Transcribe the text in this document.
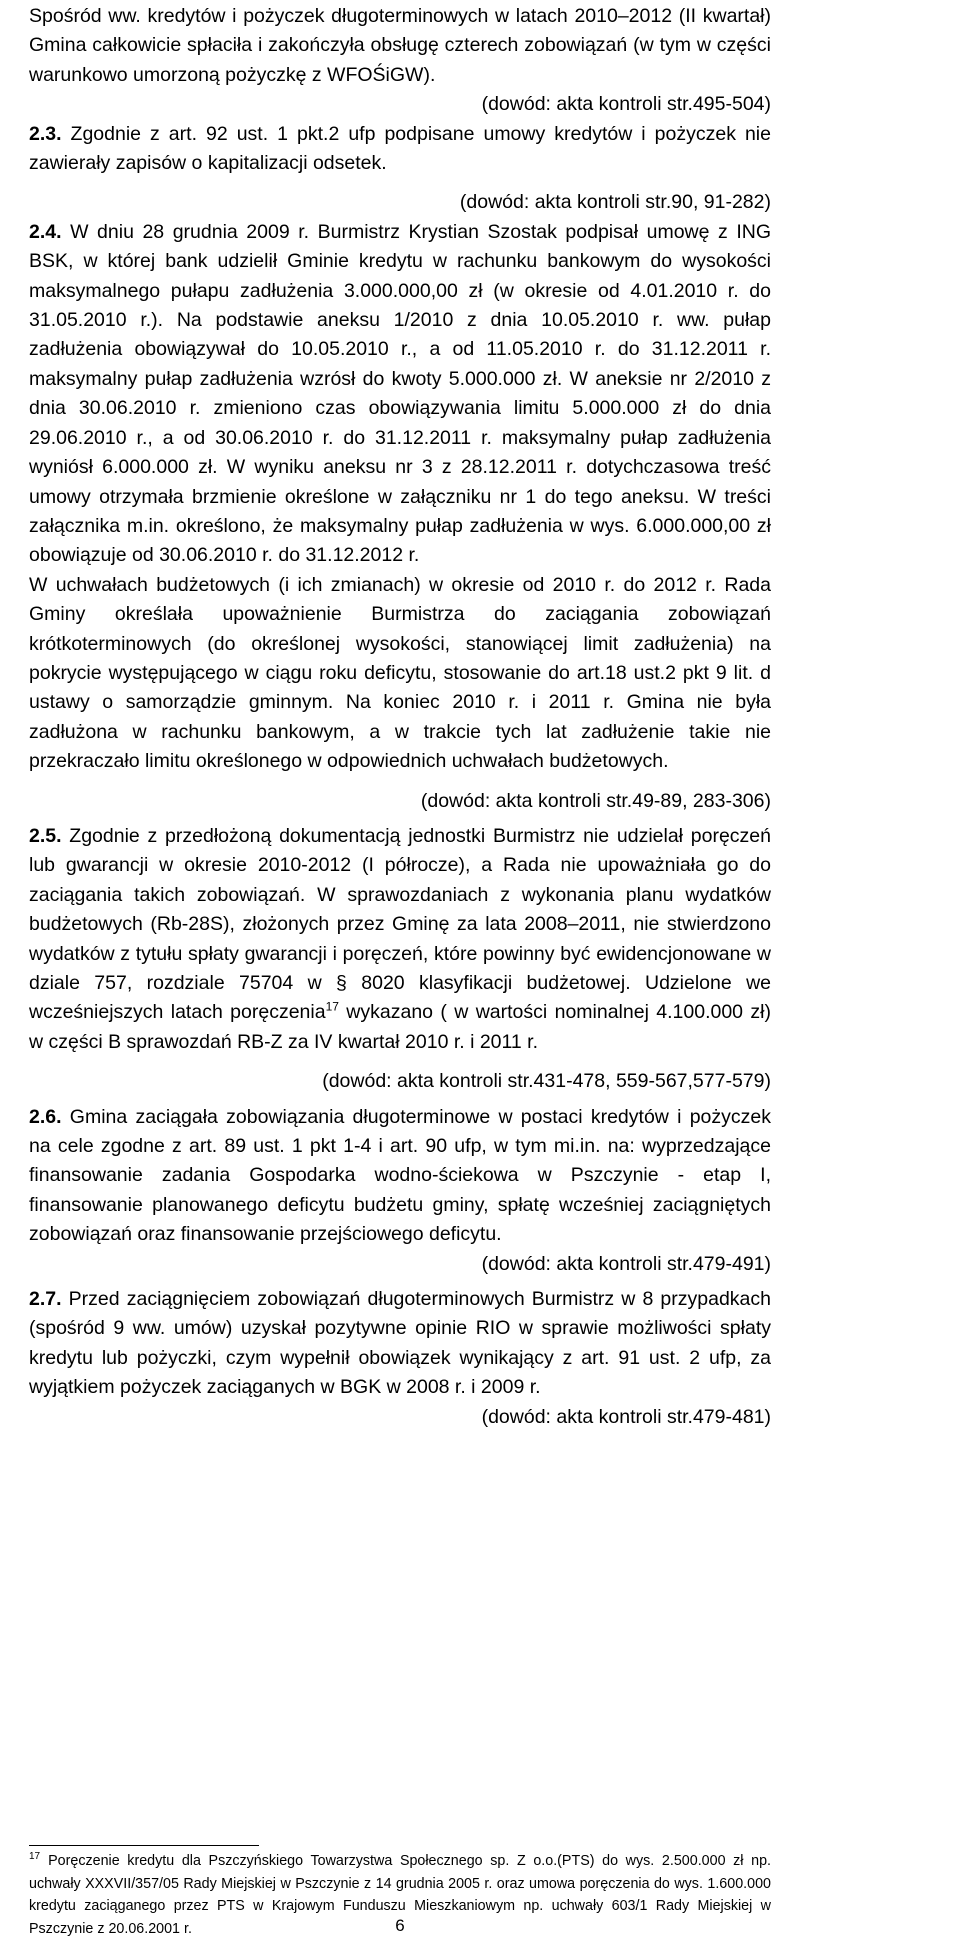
Spośród ww. kredytów i pożyczek długoterminowych w latach 2010–2012 (II kwartał) Gmina całkowicie spłaciła i zakończyła obsługę czterech zobowiązań (w tym w części warunkowo umorzoną pożyczkę z WFOŚiGW).

(dowód: akta kontroli str.495-504)

2.3. Zgodnie z art. 92 ust. 1 pkt.2 ufp podpisane umowy kredytów i pożyczek nie zawierały zapisów o kapitalizacji odsetek.

(dowód: akta kontroli str.90, 91-282)

2.4. W dniu 28 grudnia 2009 r. Burmistrz Krystian Szostak podpisał umowę z ING BSK, w której bank udzielił Gminie kredytu w rachunku bankowym do wysokości maksymalnego pułapu zadłużenia 3.000.000,00 zł (w okresie od 4.01.2010 r. do 31.05.2010 r.). Na podstawie aneksu 1/2010 z dnia 10.05.2010 r. ww. pułap zadłużenia obowiązywał do 10.05.2010 r., a od 11.05.2010 r. do 31.12.2011 r. maksymalny pułap zadłużenia wzrósł do kwoty 5.000.000 zł. W aneksie nr 2/2010 z dnia 30.06.2010 r. zmieniono czas obowiązywania limitu 5.000.000 zł do dnia 29.06.2010 r., a od 30.06.2010 r. do 31.12.2011 r. maksymalny pułap zadłużenia wyniósł 6.000.000 zł. W wyniku aneksu nr 3 z 28.12.2011 r. dotychczasowa treść umowy otrzymała brzmienie określone w załączniku nr 1 do tego aneksu. W treści załącznika m.in. określono, że maksymalny pułap zadłużenia w wys. 6.000.000,00 zł obowiązuje od 30.06.2010 r. do 31.12.2012 r.

W uchwałach budżetowych (i ich zmianach) w okresie od 2010 r. do 2012 r. Rada Gminy określała upoważnienie Burmistrza do zaciągania zobowiązań krótkoterminowych (do określonej wysokości, stanowiącej limit zadłużenia) na pokrycie występującego w ciągu roku deficytu, stosowanie do art.18 ust.2 pkt 9 lit. d ustawy o samorządzie gminnym. Na koniec 2010 r. i 2011 r. Gmina nie była zadłużona w rachunku bankowym, a w trakcie tych lat zadłużenie takie nie przekraczało limitu określonego w odpowiednich uchwałach budżetowych.

(dowód: akta kontroli str.49-89, 283-306)

2.5. Zgodnie z przedłożoną dokumentacją jednostki Burmistrz nie udzielał poręczeń lub gwarancji w okresie 2010-2012 (I półrocze), a Rada nie upoważniała go do zaciągania takich zobowiązań. W sprawozdaniach z wykonania planu wydatków budżetowych (Rb-28S), złożonych przez Gminę za lata 2008–2011, nie stwierdzono wydatków z tytułu spłaty gwarancji i poręczeń, które powinny być ewidencjonowane w dziale 757, rozdziale 75704 w § 8020 klasyfikacji budżetowej. Udzielone we wcześniejszych latach poręczenia$^{17}$ wykazano ( w wartości nominalnej 4.100.000 zł) w części B sprawozdań RB-Z za IV kwartał 2010 r. i 2011 r.

(dowód: akta kontroli str.431-478, 559-567,577-579)

2.6. Gmina zaciągała zobowiązania długoterminowe w postaci kredytów i pożyczek na cele zgodne z art. 89 ust. 1 pkt 1-4 i art. 90 ufp, w tym mi.in. na: wyprzedzające finansowanie zadania Gospodarka wodno-ściekowa w Pszczynie - etap I, finansowanie planowanego deficytu budżetu gminy, spłatę wcześniej zaciągniętych zobowiązań oraz finansowanie przejściowego deficytu.

(dowód: akta kontroli str.479-491)

2.7. Przed zaciągnięciem zobowiązań długoterminowych Burmistrz w 8 przypadkach (spośród 9 ww. umów) uzyskał pozytywne opinie RIO w sprawie możliwości spłaty kredytu lub pożyczki, czym wypełnił obowiązek wynikający z art. 91 ust. 2 ufp, za wyjątkiem pożyczek zaciąganych w BGK w 2008 r. i 2009 r.

(dowód: akta kontroli str.479-481)

$^{17}$ Poręczenie kredytu dla Pszczyńskiego Towarzystwa Społecznego sp. Z o.o.(PTS) do wys. 2.500.000 zł np. uchwały XXXVII/357/05 Rady Miejskiej w Pszczynie z 14 grudnia 2005 r. oraz umowa poręczenia do wys. 1.600.000 kredytu zaciąganego przez PTS w Krajowym Funduszu Mieszkaniowym np. uchwały 603/1 Rady Miejskiej w Pszczynie z 20.06.2001 r.	6
